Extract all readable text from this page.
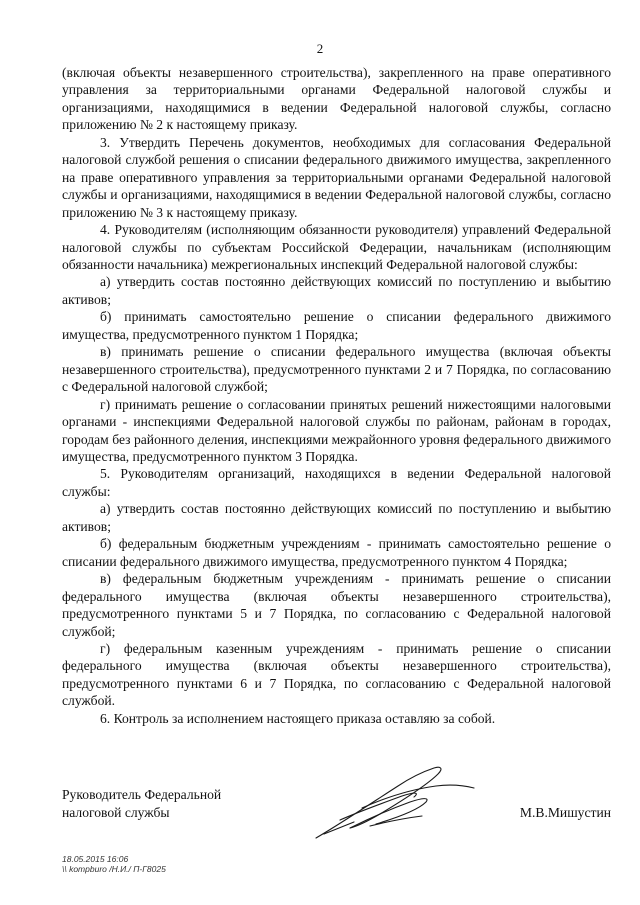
2

(включая объекты незавершенного строительства), закрепленного на праве оперативного управления за территориальными органами Федеральной налоговой службы и организациями, находящимися в ведении Федеральной налоговой службы, согласно приложению № 2 к настоящему приказу.

3. Утвердить Перечень документов, необходимых для согласования Федеральной налоговой службой решения о списании федерального движимого имущества, закрепленного на праве оперативного управления за территориальными органами Федеральной налоговой службы и организациями, находящимися в ведении Федеральной налоговой службы, согласно приложению № 3 к настоящему приказу.

4. Руководителям (исполняющим обязанности руководителя) управлений Федеральной налоговой службы по субъектам Российской Федерации, начальникам (исполняющим обязанности начальника) межрегиональных инспекций Федеральной налоговой службы:

а) утвердить состав постоянно действующих комиссий по поступлению и выбытию активов;

б) принимать самостоятельно решение о списании федерального движимого имущества, предусмотренного пунктом 1 Порядка;

в) принимать решение о списании федерального имущества (включая объекты незавершенного строительства), предусмотренного пунктами 2 и 7 Порядка, по согласованию с Федеральной налоговой службой;

г) принимать решение о согласовании принятых решений нижестоящими налоговыми органами - инспекциями Федеральной налоговой службы по районам, районам в городах, городам без районного деления, инспекциями межрайонного уровня федерального движимого имущества, предусмотренного пунктом 3 Порядка.

5. Руководителям организаций, находящихся в ведении Федеральной налоговой службы:

а) утвердить состав постоянно действующих комиссий по поступлению и выбытию активов;

б) федеральным бюджетным учреждениям - принимать самостоятельно решение о списании федерального движимого имущества, предусмотренного пунктом 4 Порядка;

в) федеральным бюджетным учреждениям - принимать решение о списании федерального имущества (включая объекты незавершенного строительства), предусмотренного пунктами 5 и 7 Порядка, по согласованию с Федеральной налоговой службой;

г) федеральным казенным учреждениям - принимать решение о списании федерального имущества (включая объекты незавершенного строительства), предусмотренного пунктами 6 и 7 Порядка, по согласованию с Федеральной налоговой службой.

6. Контроль за исполнением настоящего приказа оставляю за собой.

Руководитель Федеральной
налоговой службы	М.В.Мишустин
18.05.2015 16:06
\\ kompburo /Н.И./ П-Г8025
